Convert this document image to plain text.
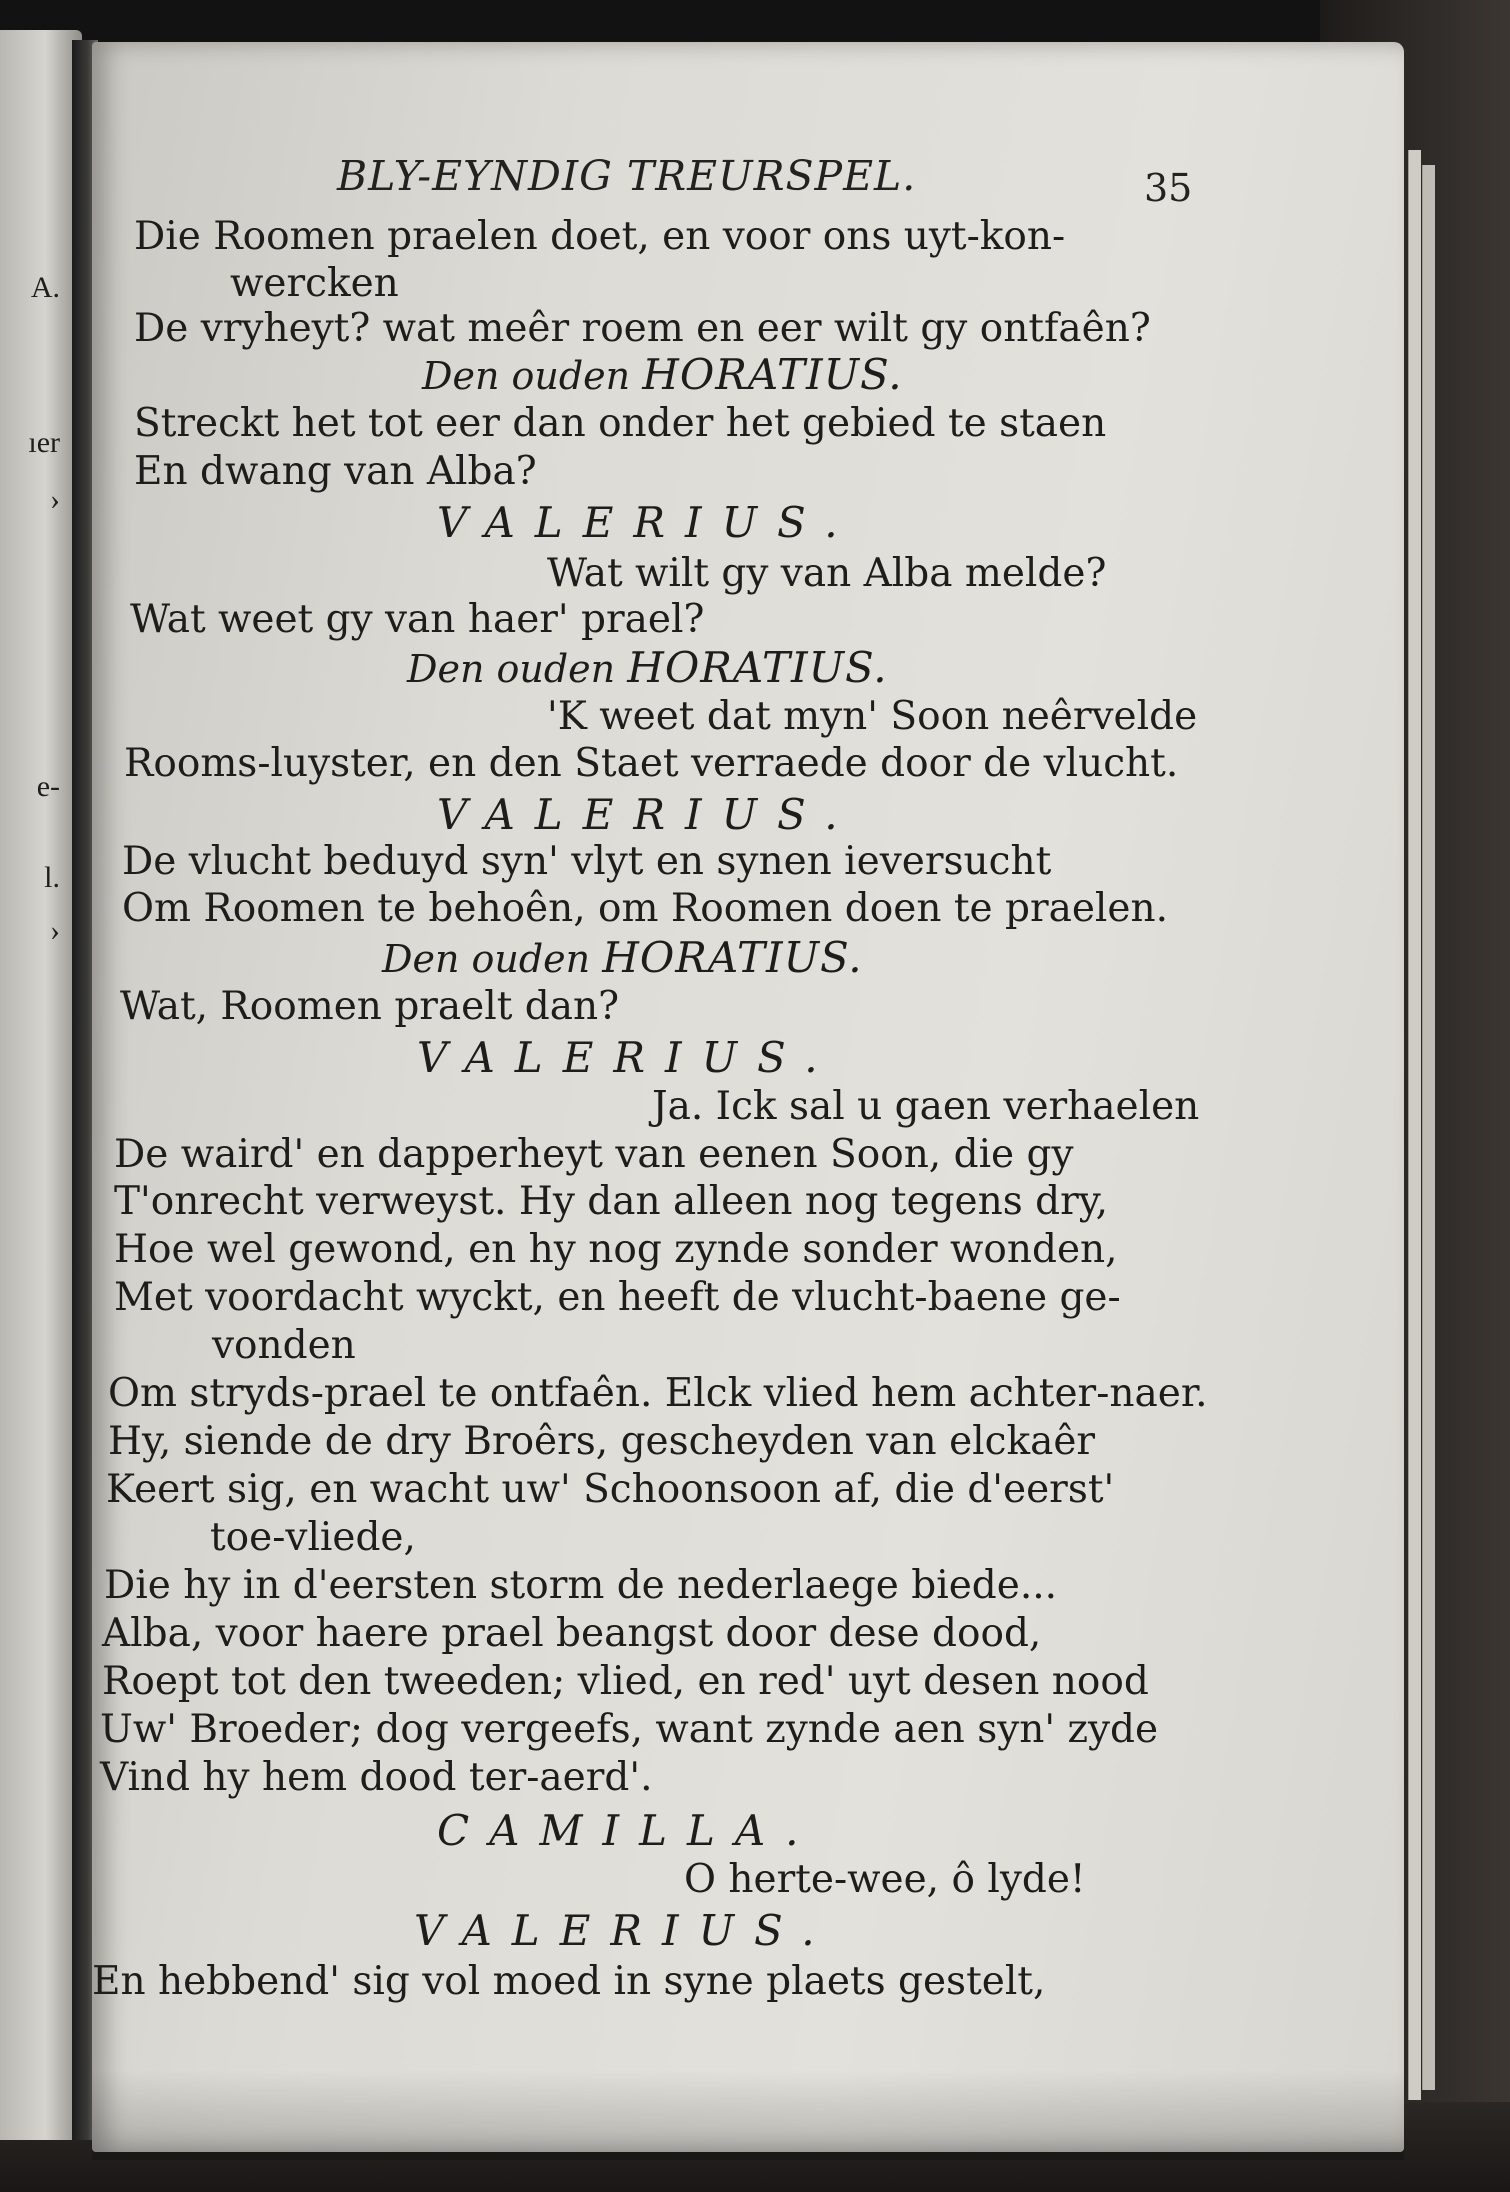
A.
ıer
›
e-
l.
›
BLY-EYNDIG TREURSPEL.	35
Die Roomen praelen doet, en voor ons uyt-kon-
wercken
De vryheyt? wat meêr roem en eer wilt gy ontfaên?
Den ouden HORATIUS.
Streckt het tot eer dan onder het gebied te staen
En dwang van Alba?
VALERIUS.
Wat wilt gy van Alba melde?
Wat weet gy van haer' prael?
Den ouden HORATIUS.
'K weet dat myn' Soon neêrvelde
Rooms-luyster, en den Staet verraede door de vlucht.
VALERIUS.
De vlucht beduyd syn' vlyt en synen ieversucht
Om Roomen te behoên, om Roomen doen te praelen.
Den ouden HORATIUS.
Wat, Roomen praelt dan?
VALERIUS.
Ja. Ick sal u gaen verhaelen
De waird' en dapperheyt van eenen Soon, die gy
T'onrecht verweyst. Hy dan alleen nog tegens dry,
Hoe wel gewond, en hy nog zynde sonder wonden,
Met voordacht wyckt, en heeft de vlucht-baene ge-
vonden
Om stryds-prael te ontfaên. Elck vlied hem achter-naer.
Hy, siende de dry Broêrs, gescheyden van elckaêr
Keert sig, en wacht uw' Schoonsoon af, die d'eerst'
toe-vliede,
Die hy in d'eersten storm de nederlaege biede...
Alba, voor haere prael beangst door dese dood,
Roept tot den tweeden; vlied, en red' uyt desen nood
Uw' Broeder; dog vergeefs, want zynde aen syn' zyde
Vind hy hem dood ter-aerd'.
CAMILLA.
O herte-wee, ô lyde!
VALERIUS.
En hebbend' sig vol moed in syne plaets gestelt,
